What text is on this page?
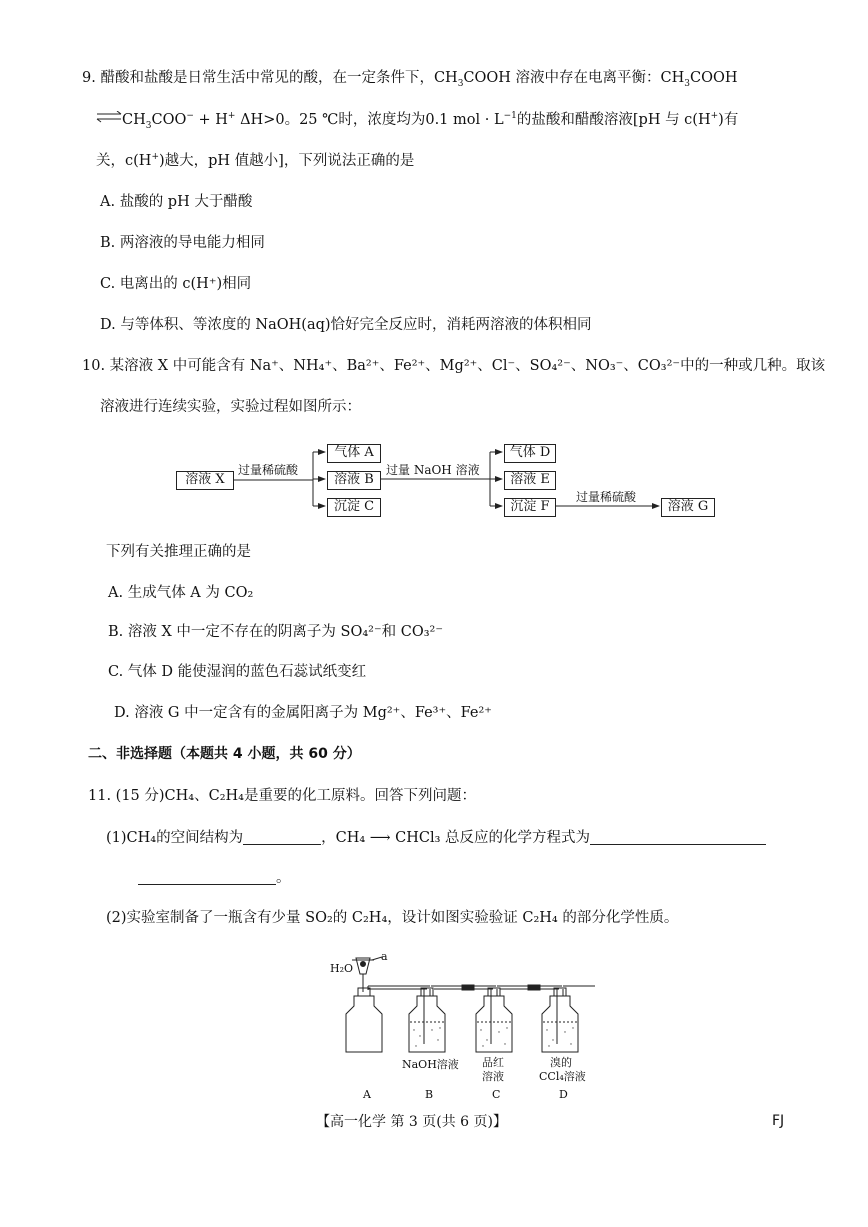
9. 醋酸和盐酸是日常生活中常见的酸，在一定条件下，$CH_3COOH$ 溶液中存在电离平衡：$CH_3COOH$
$\rightleftharpoons CH_3COO^- + H^+$ ΔH>0。25 ℃时，浓度均为0.1 mol · $L^{-1}$的盐酸和醋酸溶液[pH 与 c(H+)有
关，c(H+)越大，pH 值越小]，下列说法正确的是
A. 盐酸的 pH 大于醋酸
B. 两溶液的导电能力相同
C. 电离出的 c(H⁺)相同
D. 与等体积、等浓度的 NaOH(aq)恰好完全反应时，消耗两溶液的体积相同
10. 某溶液 X 中可能含有 Na⁺、NH₄⁺、Ba²⁺、Fe²⁺、Mg²⁺、Cl⁻、SO₄²⁻、NO₃⁻、CO₃²⁻中的一种或几种。取该
溶液进行连续实验，实验过程如图所示：
溶液 X
过量稀硫酸
气体 A
溶液 B
沉淀 C
过量 NaOH 溶液
气体 D
溶液 E
沉淀 F
过量稀硫酸
溶液 G
下列有关推理正确的是
A. 生成气体 A 为 CO₂
B. 溶液 X 中一定不存在的阴离子为 SO₄²⁻和 CO₃²⁻
C. 气体 D 能使湿润的蓝色石蕊试纸变红
D. 溶液 G 中一定含有的金属阳离子为 Mg²⁺、Fe³⁺、Fe²⁺
二、非选择题（本题共 4 小题，共 60 分）
11. (15 分)CH₄、C₂H₄是重要的化工原料。回答下列问题：
(1)CH₄的空间结构为	，CH₄ ⟶ CHCl₃ 总反应的化学方程式为
。
(2)实验室制备了一瓶含有少量 SO₂的 C₂H₄，设计如图实验验证 C₂H₄ 的部分化学性质。
H₂O
a
NaOH溶液 品红
溶液
溴的
CCl₄溶液
A	B	C	D
【高一化学 第 3 页(共 6 页)】	FJ
